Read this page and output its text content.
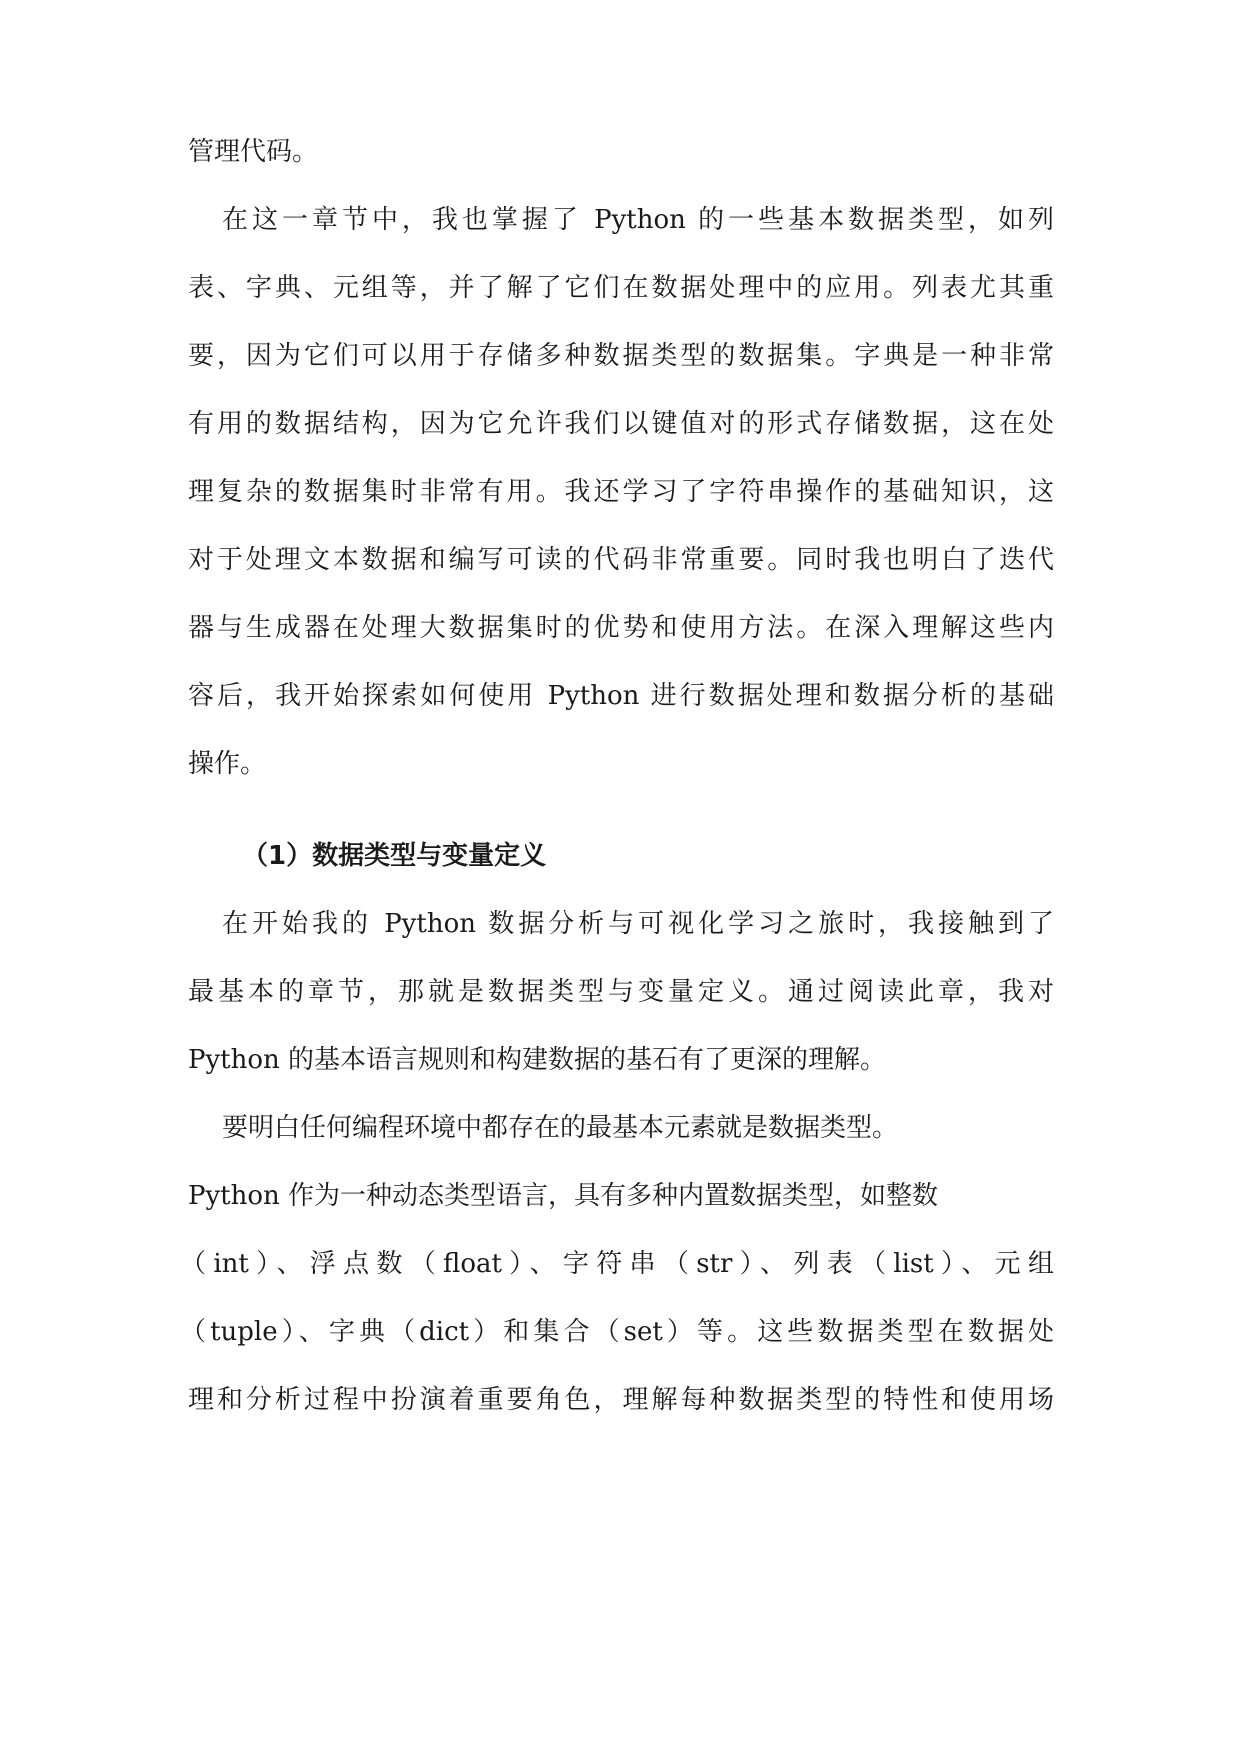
管理代码。

在这一章节中，我也掌握了 Python 的一些基本数据类型，如列

表、字典、元组等，并了解了它们在数据处理中的应用。列表尤其重

要，因为它们可以用于存储多种数据类型的数据集。字典是一种非常

有用的数据结构，因为它允许我们以键值对的形式存储数据，这在处

理复杂的数据集时非常有用。我还学习了字符串操作的基础知识，这

对于处理文本数据和编写可读的代码非常重要。同时我也明白了迭代

器与生成器在处理大数据集时的优势和使用方法。在深入理解这些内

容后，我开始探索如何使用 Python 进行数据处理和数据分析的基础

操作。

（1）数据类型与变量定义

在开始我的 Python 数据分析与可视化学习之旅时，我接触到了

最基本的章节，那就是数据类型与变量定义。通过阅读此章，我对

Python 的基本语言规则和构建数据的基石有了更深的理解。

要明白任何编程环境中都存在的最基本元素就是数据类型。

Python 作为一种动态类型语言，具有多种内置数据类型，如整数

（int）、浮点数（float）、字符串（str）、列表（list）、元组

（tuple）、字典（dict）和集合（set）等。这些数据类型在数据处

理和分析过程中扮演着重要角色，理解每种数据类型的特性和使用场
